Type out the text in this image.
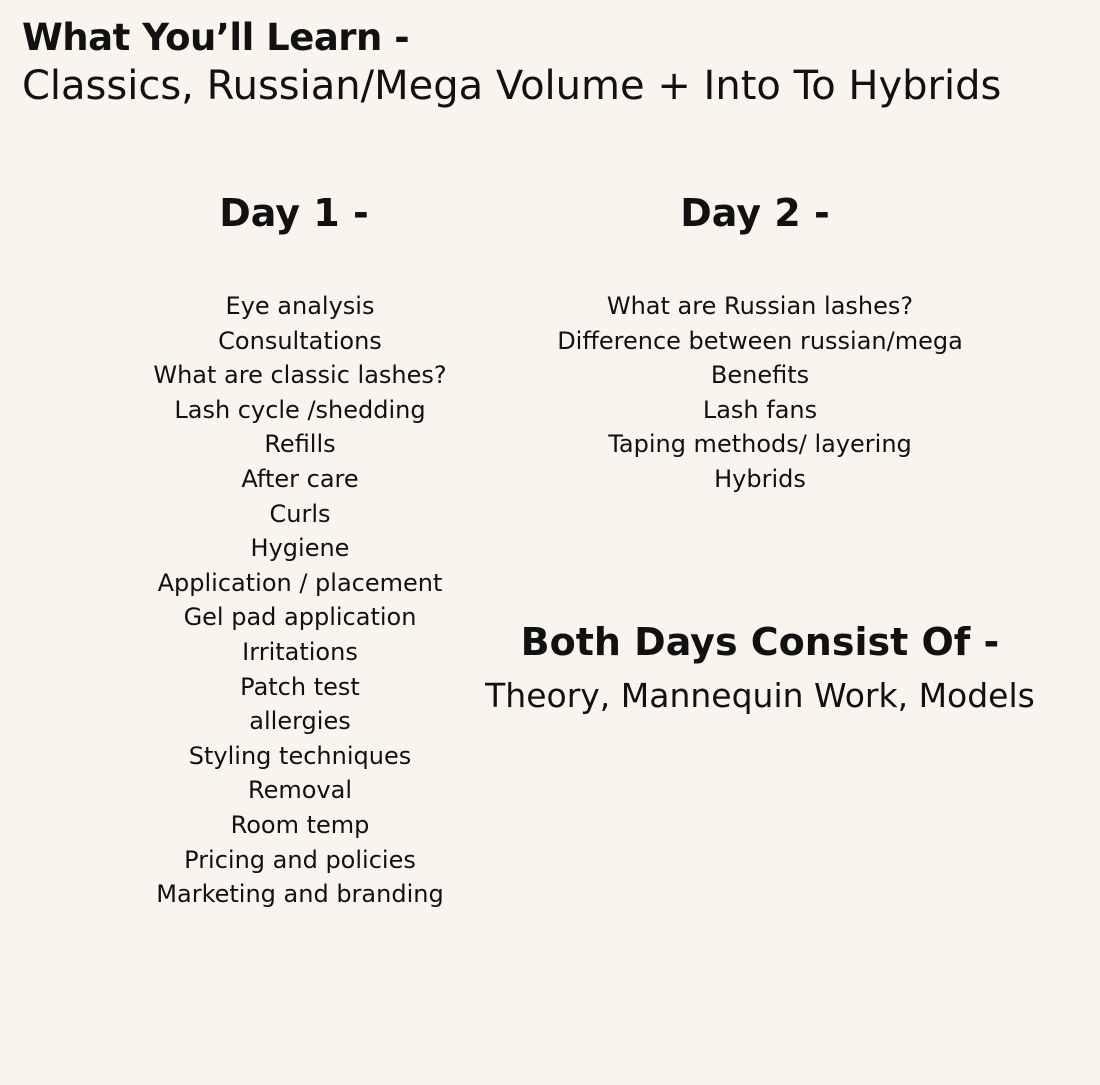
What You’ll Learn -
Classics, Russian/Mega Volume + Into To Hybrids
Day 1 -	Day 2 -
Eye analysis
Consultations
What are classic lashes?
Lash cycle /shedding
Refills
After care
Curls
Hygiene
Application / placement
Gel pad application
Irritations
Patch test
allergies
Styling techniques
Removal
Room temp
Pricing and policies
Marketing and branding
What are Russian lashes?
Difference between russian/mega
Benefits
Lash fans
Taping methods/ layering
Hybrids
Both Days Consist Of -
Theory, Mannequin Work, Models
